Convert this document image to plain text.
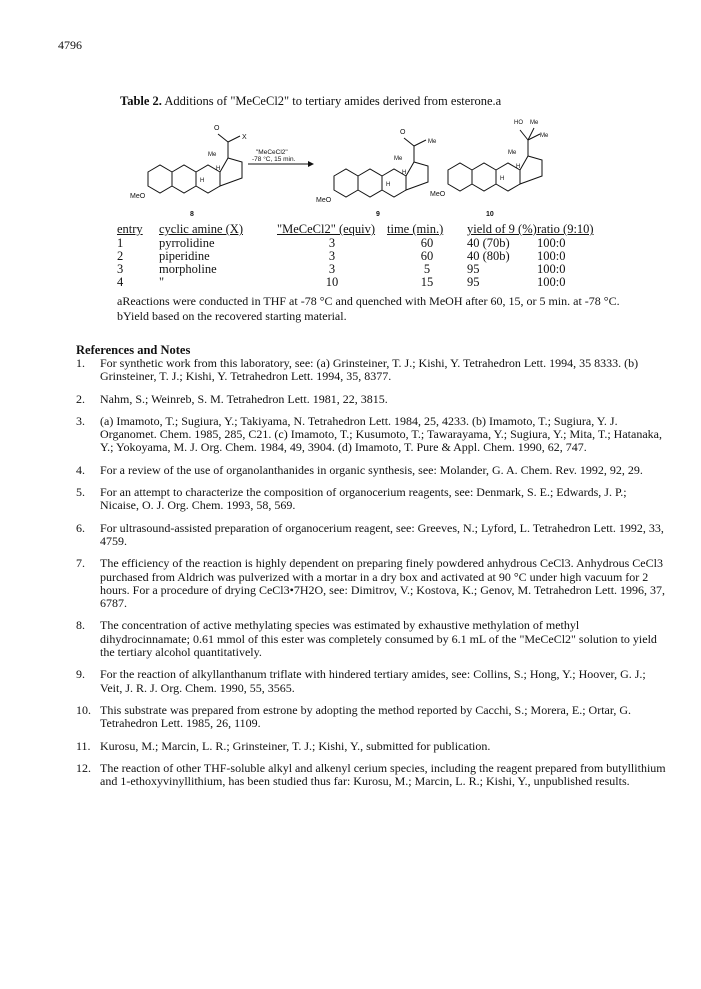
4796
Table 2. Additions of "MeCeCl2" to tertiary amides derived from esterone.a
MeO
Me
O
X
H
H
8
"MeCeCl2"
-78 °C, 15 min.
MeO
Me
O
Me
H
H
9
MeO
Me
HO Me
Me
H
H
10
entry	cyclic amine (X)	"MeCeCl2" (equiv)	time (min.)	yield of 9 (%)	ratio (9:10)
1	pyrrolidine	3	60	40 (70b)	100:0
2	piperidine	3	60	40 (80b)	100:0
3	morpholine	3	5	95	100:0
4	"	10	15	95	100:0
aReactions were conducted in THF at -78 °C and quenched with MeOH after 60, 15, or 5 min. at -78 °C.
bYield based on the recovered starting material.
References and Notes
1. For synthetic work from this laboratory, see: (a) Grinsteiner, T. J.; Kishi, Y. Tetrahedron Lett. 1994, 35 8333. (b) Grinsteiner, T. J.; Kishi, Y. Tetrahedron Lett. 1994, 35, 8377.
2. Nahm, S.; Weinreb, S. M. Tetrahedron Lett. 1981, 22, 3815.
3. (a) Imamoto, T.; Sugiura, Y.; Takiyama, N. Tetrahedron Lett. 1984, 25, 4233. (b) Imamoto, T.; Sugiura, Y. J. Organomet. Chem. 1985, 285, C21. (c) Imamoto, T.; Kusumoto, T.; Tawarayama, Y.; Sugiura, Y.; Mita, T.; Hatanaka, Y.; Yokoyama, M. J. Org. Chem. 1984, 49, 3904. (d) Imamoto, T. Pure & Appl. Chem. 1990, 62, 747.
4. For a review of the use of organolanthanides in organic synthesis, see: Molander, G. A. Chem. Rev. 1992, 92, 29.
5. For an attempt to characterize the composition of organocerium reagents, see: Denmark, S. E.; Edwards, J. P.; Nicaise, O. J. Org. Chem. 1993, 58, 569.
6. For ultrasound-assisted preparation of organocerium reagent, see: Greeves, N.; Lyford, L. Tetrahedron Lett. 1992, 33, 4759.
7. The efficiency of the reaction is highly dependent on preparing finely powdered anhydrous CeCl3. Anhydrous CeCl3 purchased from Aldrich was pulverized with a mortar in a dry box and activated at 90 °C under high vacuum for 2 hours. For a procedure of drying CeCl3•7H2O, see: Dimitrov, V.; Kostova, K.; Genov, M. Tetrahedron Lett. 1996, 37, 6787.
8. The concentration of active methylating species was estimated by exhaustive methylation of methyl dihydrocinnamate; 0.61 mmol of this ester was completely consumed by 6.1 mL of the "MeCeCl2" solution to yield the tertiary alcohol quantitatively.
9. For the reaction of alkyllanthanum triflate with hindered tertiary amides, see: Collins, S.; Hong, Y.; Hoover, G. J.; Veit, J. R. J. Org. Chem. 1990, 55, 3565.
10. This substrate was prepared from estrone by adopting the method reported by Cacchi, S.; Morera, E.; Ortar, G. Tetrahedron Lett. 1985, 26, 1109.
11. Kurosu, M.; Marcin, L. R.; Grinsteiner, T. J.; Kishi, Y., submitted for publication.
12. The reaction of other THF-soluble alkyl and alkenyl cerium species, including the reagent prepared from butyllithium and 1-ethoxyvinyllithium, has been studied thus far: Kurosu, M.; Marcin, L. R.; Kishi, Y., unpublished results.
